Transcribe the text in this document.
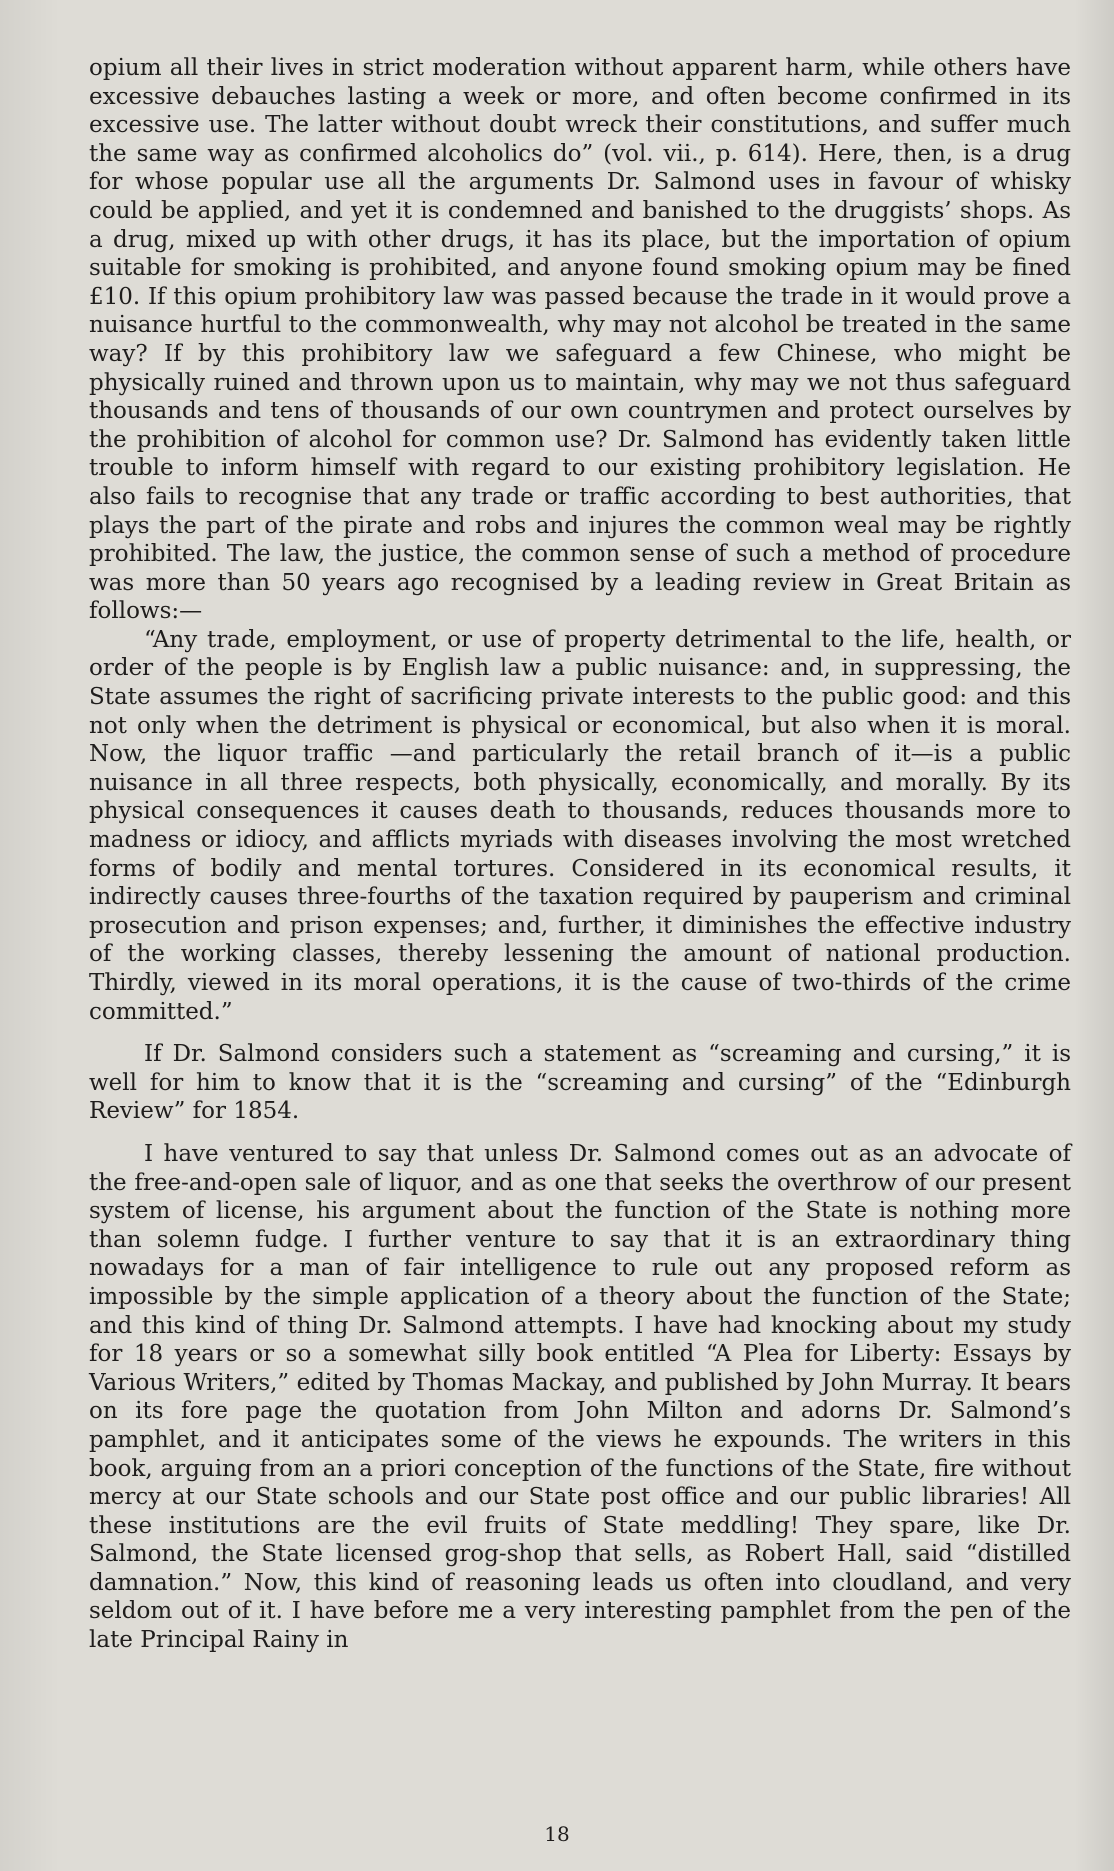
opium all their lives in strict moderation without apparent harm, while others have excessive debauches lasting a week or more, and often become confirmed in its excessive use. The latter without doubt wreck their constitutions, and suffer much the same way as confirmed alcoholics do” (vol. vii., p. 614). Here, then, is a drug for whose popular use all the arguments Dr. Salmond uses in favour of whisky could be applied, and yet it is condemned and banished to the druggists’ shops. As a drug, mixed up with other drugs, it has its place, but the importation of opium suitable for smoking is prohibited, and anyone found smoking opium may be fined £10. If this opium prohibitory law was passed because the trade in it would prove a nuisance hurtful to the commonwealth, why may not alcohol be treated in the same way? If by this prohibitory law we safeguard a few Chinese, who might be physically ruined and thrown upon us to maintain, why may we not thus safeguard thousands and tens of thousands of our own countrymen and protect ourselves by the prohibition of alcohol for common use? Dr. Salmond has evidently taken little trouble to inform himself with regard to our existing prohibitory legislation. He also fails to recognise that any trade or traffic according to best authorities, that plays the part of the pirate and robs and injures the common weal may be rightly prohibited. The law, the justice, the common sense of such a method of procedure was more than 50 years ago recognised by a leading review in Great Britain as follows:—

“Any trade, employment, or use of property detrimental to the life, health, or order of the people is by English law a public nuisance: and, in suppressing, the State assumes the right of sacrificing private interests to the public good: and this not only when the detriment is physical or economical, but also when it is moral. Now, the liquor traffic —and particularly the retail branch of it—is a public nuisance in all three respects, both physically, economically, and morally. By its physical consequences it causes death to thousands, reduces thousands more to madness or idiocy, and afflicts myriads with diseases involving the most wretched forms of bodily and mental tortures. Considered in its economical results, it indirectly causes three-fourths of the taxation required by pauperism and criminal prosecution and prison expenses; and, further, it diminishes the effective industry of the working classes, thereby lessening the amount of national production. Thirdly, viewed in its moral operations, it is the cause of two-thirds of the crime committed.”

If Dr. Salmond considers such a statement as “screaming and cursing,” it is well for him to know that it is the “screaming and cursing” of the “Edinburgh Review” for 1854.

I have ventured to say that unless Dr. Salmond comes out as an advocate of the free-and-open sale of liquor, and as one that seeks the overthrow of our present system of license, his argument about the function of the State is nothing more than solemn fudge. I further venture to say that it is an extraordinary thing nowadays for a man of fair intelligence to rule out any proposed reform as impossible by the simple application of a theory about the function of the State; and this kind of thing Dr. Salmond attempts. I have had knocking about my study for 18 years or so a somewhat silly book entitled “A Plea for Liberty: Essays by Various Writers,” edited by Thomas Mackay, and published by John Murray. It bears on its fore page the quotation from John Milton and adorns Dr. Salmond’s pamphlet, and it anticipates some of the views he expounds. The writers in this book, arguing from an a priori conception of the functions of the State, fire without mercy at our State schools and our State post office and our public libraries! All these institutions are the evil fruits of State meddling! They spare, like Dr. Salmond, the State licensed grog-shop that sells, as Robert Hall, said “distilled damnation.” Now, this kind of reasoning leads us often into cloudland, and very seldom out of it. I have before me a very interesting pamphlet from the pen of the late Principal Rainy in

18
